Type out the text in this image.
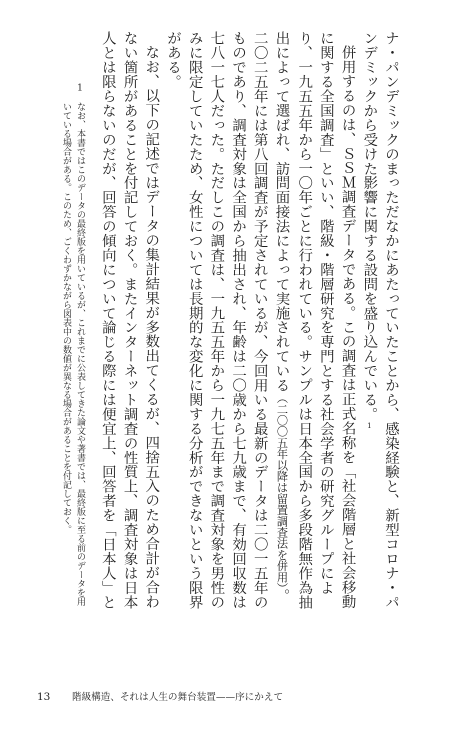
ナ・パンデミックのまっただなかにあたっていたことから、感染経験と、新型コロナ・パ
ンデミックから受けた影響に関する設問を盛り込んでいる。1
併用するのは、ＳＳＭ調査データである。この調査は正式名称を「社会階層と社会移動
に関する全国調査」といい、階級・階層研究を専門とする社会学者の研究グループによ
り、一九五五年から一〇年ごとに行われている。サンプルは日本全国から多段階無作為抽
出によって選ばれ、訪問面接法によって実施されている（二〇〇五年以降は留置調査法を併用）。
二〇二五年には第八回調査が予定されているが、今回用いる最新のデータは二〇一五年の
ものであり、調査対象は全国から抽出され、年齢は二〇歳から七九歳まで、有効回収数は
七八一七人だった。ただしこの調査は、一九五五年から一九七五年まで調査対象を男性の
みに限定していたため、女性については長期的な変化に関する分析ができないという限界
がある。
なお、以下の記述ではデータの集計結果が多数出てくるが、四捨五入のため合計が合わ
ない箇所があることを付記しておく。またインターネット調査の性質上、調査対象は日本
人とは限らないのだが、回答の傾向について論じる際には便宜上、回答者を「日本人」と
1なお、本書ではこのデータの最終版を用いているが、これまでに公表してきた論文や著書では、最終版に至る前のデータを用
いている場合がある。このため、ごくわずかながら図表中の数値が異なる場合があることを付記しておく。
13 階級構造、それは人生の舞台装置——序にかえて
